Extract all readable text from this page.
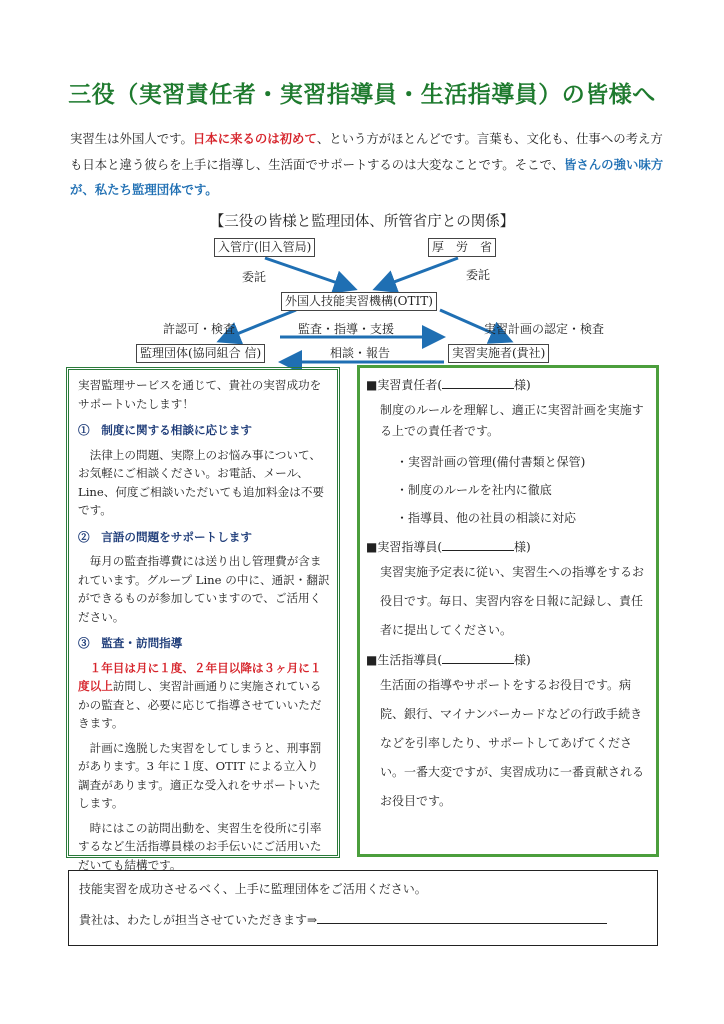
三役（実習責任者・実習指導員・生活指導員）の皆様へ
実習生は外国人です。日本に来るのは初めて、という方がほとんどです。言葉も、文化も、仕事への考え方も日本と違う彼らを上手に指導し、生活面でサポートするのは大変なことです。そこで、皆さんの強い味方が、私たち監理団体です。
【三役の皆様と監理団体、所管省庁との関係】
入管庁(旧入管局)	厚　労　省
委託	委託
外国人技能実習機構(OTIT)
許認可・検査	監査・指導・支援	実習計画の認定・検査
監理団体(協同組合 信)	相談・報告	実習実施者(貴社)
実習監理サービスを通じて、貴社の実習成功をサポートいたします！
①　制度に関する相談に応じます
法律上の問題、実際上のお悩み事について、お気軽にご相談ください。お電話、メール、Line、何度ご相談いただいても追加料金は不要です。
②　言語の問題をサポートします
毎月の監査指導費には送り出し管理費が含まれています。グループ Line の中に、通訳・翻訳ができるものが参加していますので、ご活用ください。
③　監査・訪問指導
１年目は月に１度、２年目以降は３ヶ月に１度以上訪問し、実習計画通りに実施されているかの監査と、必要に応じて指導させていいただきます。
計画に逸脱した実習をしてしまうと、刑事罰があります。3 年に１度、OTIT による立入り調査があります。適正な受入れをサポートいたします。
時にはこの訪問出動を、実習生を役所に引率するなど生活指導員様のお手伝いにご活用いただいても結構です。
■実習責任者(	様)
制度のルールを理解し、適正に実習計画を実施する上での責任者です。
・実習計画の管理(備付書類と保管)
・制度のルールを社内に徹底
・指導員、他の社員の相談に対応
■実習指導員(	様)
実習実施予定表に従い、実習生への指導をするお役目です。毎日、実習内容を日報に記録し、責任者に提出してください。
■生活指導員(	様)
生活面の指導やサポートをするお役目です。病院、銀行、マイナンバーカードなどの行政手続きなどを引率したり、サポートしてあげてください。一番大変ですが、実習成功に一番貢献されるお役目です。
技能実習を成功させるべく、上手に監理団体をご活用ください。
貴社は、わたしが担当させていただきます⇒
